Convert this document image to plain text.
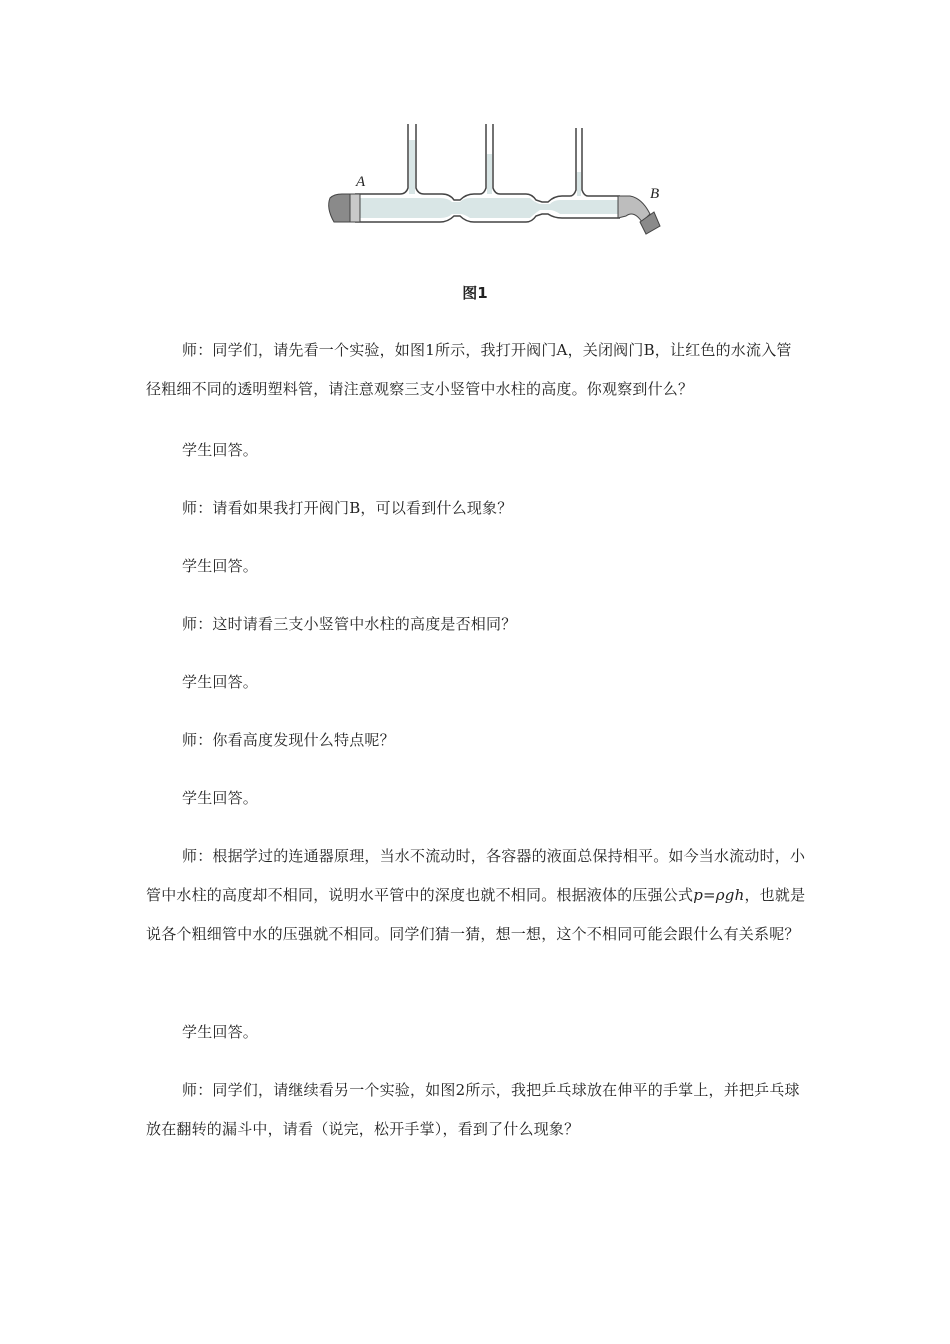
A
B
图1

师：同学们，请先看一个实验，如图1所示，我打开阀门A，关闭阀门B，让红色的水流入管径粗细不同的透明塑料管，请注意观察三支小竖管中水柱的高度。你观察到什么？

学生回答。

师：请看如果我打开阀门B，可以看到什么现象？

学生回答。

师：这时请看三支小竖管中水柱的高度是否相同？

学生回答。

师：你看高度发现什么特点呢？

学生回答。

师：根据学过的连通器原理，当水不流动时，各容器的液面总保持相平。如今当水流动时，小管中水柱的高度却不相同，说明水平管中的深度也就不相同。根据液体的压强公式p=ρgh，也就是说各个粗细管中水的压强就不相同。同学们猜一猜，想一想，这个不相同可能会跟什么有关系呢？

学生回答。

师：同学们，请继续看另一个实验，如图2所示，我把乒乓球放在伸平的手掌上，并把乒乓球放在翻转的漏斗中，请看（说完，松开手掌），看到了什么现象？
